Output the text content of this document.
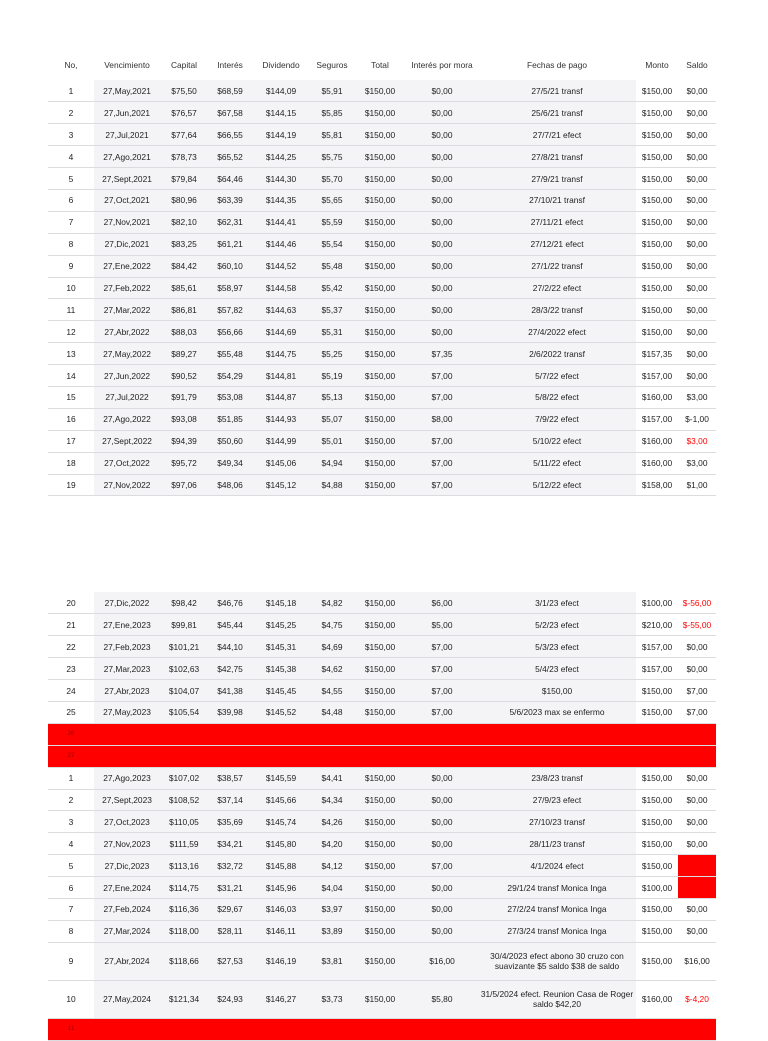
No,	Vencimiento	Capital	Interés	Dividendo	Seguros	Total	Interés por mora	Fechas de pago	Monto	Saldo
1	27,May,2021	$75,50	$68,59	$144,09	$5,91	$150,00	$0,00	27/5/21 transf	$150,00	$0,00
2	27,Jun,2021	$76,57	$67,58	$144,15	$5,85	$150,00	$0,00	25/6/21 transf	$150,00	$0,00
3	27,Jul,2021	$77,64	$66,55	$144,19	$5,81	$150,00	$0,00	27/7/21 efect	$150,00	$0,00
4	27,Ago,2021	$78,73	$65,52	$144,25	$5,75	$150,00	$0,00	27/8/21 transf	$150,00	$0,00
5	27,Sept,2021	$79,84	$64,46	$144,30	$5,70	$150,00	$0,00	27/9/21 transf	$150,00	$0,00
6	27,Oct,2021	$80,96	$63,39	$144,35	$5,65	$150,00	$0,00	27/10/21 transf	$150,00	$0,00
7	27,Nov,2021	$82,10	$62,31	$144,41	$5,59	$150,00	$0,00	27/11/21 efect	$150,00	$0,00
8	27,Dic,2021	$83,25	$61,21	$144,46	$5,54	$150,00	$0,00	27/12/21 efect	$150,00	$0,00
9	27,Ene,2022	$84,42	$60,10	$144,52	$5,48	$150,00	$0,00	27/1/22 transf	$150,00	$0,00
10	27,Feb,2022	$85,61	$58,97	$144,58	$5,42	$150,00	$0,00	27/2/22 efect	$150,00	$0,00
11	27,Mar,2022	$86,81	$57,82	$144,63	$5,37	$150,00	$0,00	28/3/22 transf	$150,00	$0,00
12	27,Abr,2022	$88,03	$56,66	$144,69	$5,31	$150,00	$0,00	27/4/2022 efect	$150,00	$0,00
13	27,May,2022	$89,27	$55,48	$144,75	$5,25	$150,00	$7,35	2/6/2022 transf	$157,35	$0,00
14	27,Jun,2022	$90,52	$54,29	$144,81	$5,19	$150,00	$7,00	5/7/22 efect	$157,00	$0,00
15	27,Jul,2022	$91,79	$53,08	$144,87	$5,13	$150,00	$7,00	5/8/22 efect	$160,00	$3,00
16	27,Ago,2022	$93,08	$51,85	$144,93	$5,07	$150,00	$8,00	7/9/22 efect	$157,00	$-1,00
17	27,Sept,2022	$94,39	$50,60	$144,99	$5,01	$150,00	$7,00	5/10/22 efect	$160,00	$3,00
18	27,Oct,2022	$95,72	$49,34	$145,06	$4,94	$150,00	$7,00	5/11/22 efect	$160,00	$3,00
19	27,Nov,2022	$97,06	$48,06	$145,12	$4,88	$150,00	$7,00	5/12/22 efect	$158,00	$1,00
20	27,Dic,2022	$98,42	$46,76	$145,18	$4,82	$150,00	$6,00	3/1/23 efect	$100,00	$-56,00
21	27,Ene,2023	$99,81	$45,44	$145,25	$4,75	$150,00	$5,00	5/2/23 efect	$210,00	$-55,00
22	27,Feb,2023	$101,21	$44,10	$145,31	$4,69	$150,00	$7,00	5/3/23 efect	$157,00	$0,00
23	27,Mar,2023	$102,63	$42,75	$145,38	$4,62	$150,00	$7,00	5/4/23 efect	$157,00	$0,00
24	27,Abr,2023	$104,07	$41,38	$145,45	$4,55	$150,00	$7,00	$150,00	$150,00	$7,00
25	27,May,2023	$105,54	$39,98	$145,52	$4,48	$150,00	$7,00	5/6/2023 max se enfermo	$150,00	$7,00
26										
27										
1	27,Ago,2023	$107,02	$38,57	$145,59	$4,41	$150,00	$0,00	23/8/23 transf	$150,00	$0,00
2	27,Sept,2023	$108,52	$37,14	$145,66	$4,34	$150,00	$0,00	27/9/23 efect	$150,00	$0,00
3	27,Oct,2023	$110,05	$35,69	$145,74	$4,26	$150,00	$0,00	27/10/23 transf	$150,00	$0,00
4	27,Nov,2023	$111,59	$34,21	$145,80	$4,20	$150,00	$0,00	28/11/23 transf	$150,00	$0,00
5	27,Dic,2023	$113,16	$32,72	$145,88	$4,12	$150,00	$7,00	4/1/2024 efect	$150,00	
6	27,Ene,2024	$114,75	$31,21	$145,96	$4,04	$150,00	$0,00	29/1/24 transf Monica Inga	$100,00	
7	27,Feb,2024	$116,36	$29,67	$146,03	$3,97	$150,00	$0,00	27/2/24 transf Monica Inga	$150,00	$0,00
8	27,Mar,2024	$118,00	$28,11	$146,11	$3,89	$150,00	$0,00	27/3/24 transf Monica Inga	$150,00	$0,00
9	27,Abr,2024	$118,66	$27,53	$146,19	$3,81	$150,00	$16,00	30/4/2023 efect abono 30 cruzo con suavizante $5 saldo $38 de saldo	$150,00	$16,00
10	27,May,2024	$121,34	$24,93	$146,27	$3,73	$150,00	$5,80	31/5/2024 efect. Reunion Casa de Roger saldo $42,20	$160,00	$-4,20
11										
